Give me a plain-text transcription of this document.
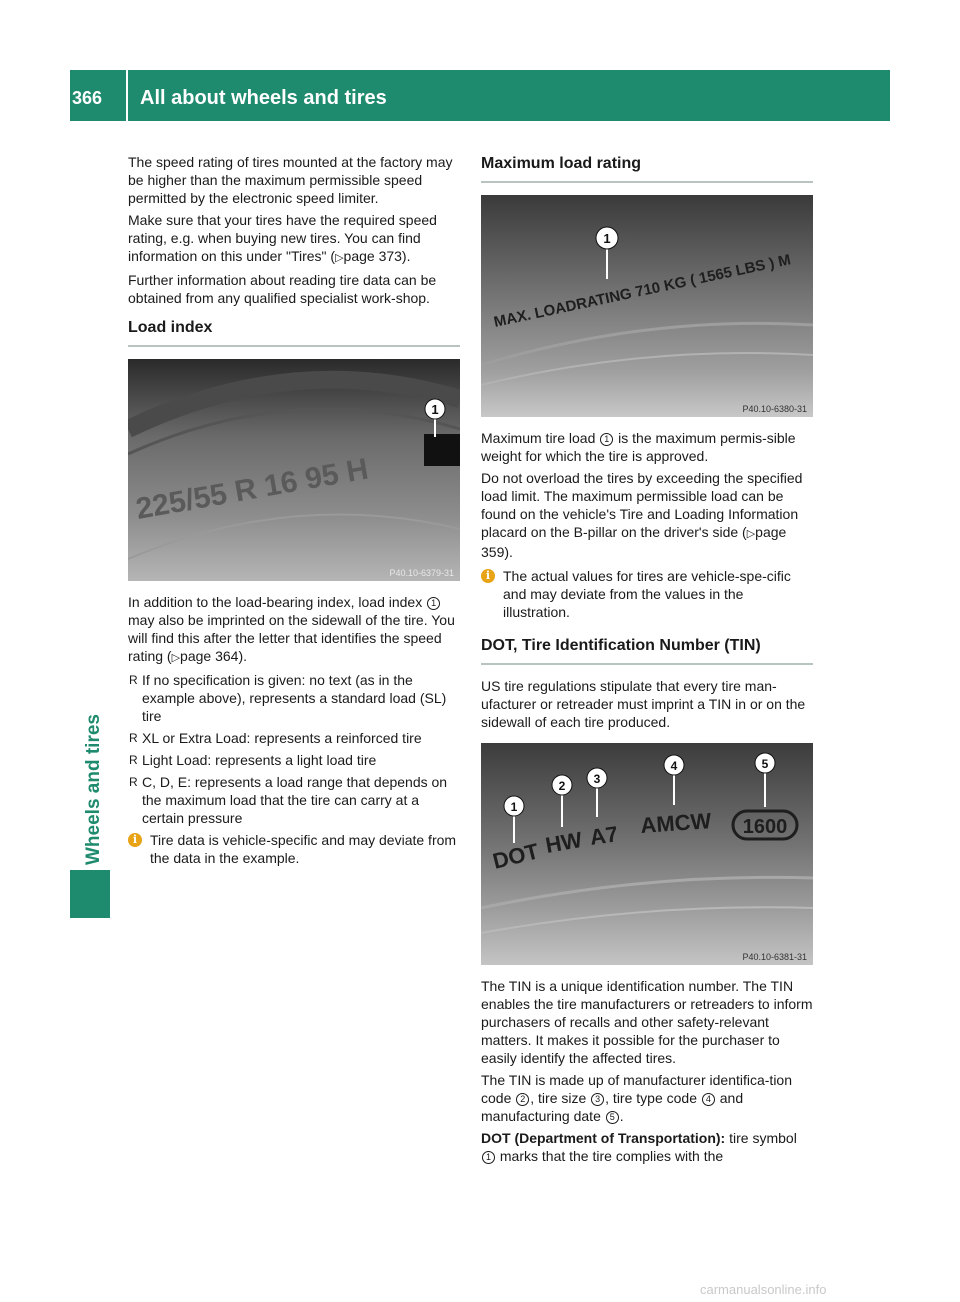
366	All about wheels and tires
Wheels and tires

The speed rating of tires mounted at the factory may be higher than the maximum permissible speed permitted by the electronic speed limiter.

Make sure that your tires have the required speed rating, e.g. when buying new tires. You can find information on this under "Tires" (▷page 373).

Further information about reading tire data can be obtained from any qualified specialist work-shop.

Load index
225/55 R 16 95 H
1
P40.10-6379-31

In addition to the load-bearing index, load index 1 may also be imprinted on the sidewall of the tire. You will find this after the letter that identifies the speed rating (▷page 364).

R If no specification is given: no text (as in the example above), represents a standard load (SL) tire
R XL or Extra Load: represents a reinforced tire
R Light Load: represents a light load tire
R C, D, E: represents a load range that depends on the maximum load that the tire can carry at a certain pressure
i Tire data is vehicle-specific and may deviate from the data in the example.
Maximum load rating
MAX. LOADRATING 710 KG ( 1565 LBS ) M
1
P40.10-6380-31

Maximum tire load 1 is the maximum permis-sible weight for which the tire is approved.

Do not overload the tires by exceeding the specified load limit. The maximum permissible load can be found on the vehicle's Tire and Loading Information placard on the B-pillar on the driver's side (▷page 359).

i The actual values for tires are vehicle-spe-cific and may deviate from the values in the illustration.
DOT, Tire Identification Number (TIN)

US tire regulations stipulate that every tire man-ufacturer or retreader must imprint a TIN in or on the sidewall of each tire produced.

DOT HW A7 AMCW 1600
1
2 3
4	5
P40.10-6381-31

The TIN is a unique identification number. The TIN enables the tire manufacturers or retreaders to inform purchasers of recalls and other safety-relevant matters. It makes it possible for the purchaser to easily identify the affected tires.

The TIN is made up of manufacturer identifica-tion code 2 , tire size 3 , tire type code 4 and manufacturing date 5 .

DOT (Department of Transportation): tire symbol 1 marks that the tire complies with the

carmanualsonline.info
